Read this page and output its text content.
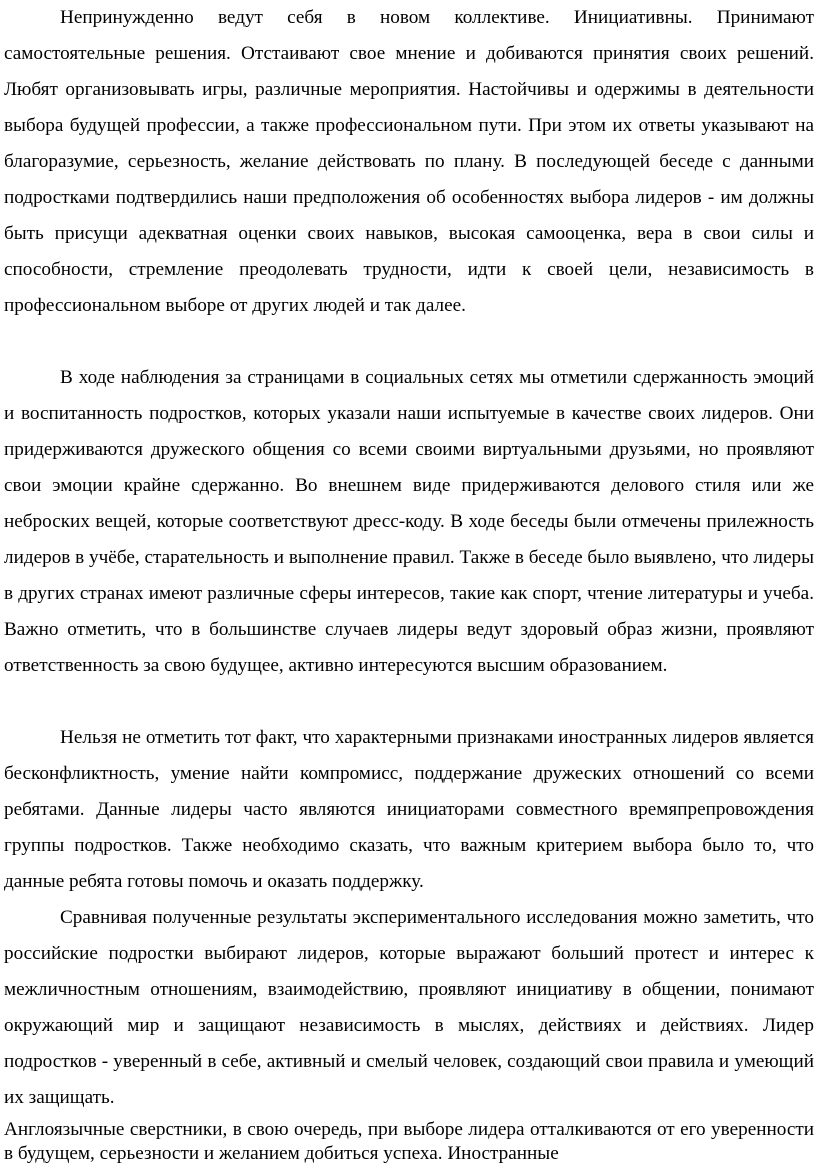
Непринужденно ведут себя в новом коллективе. Инициативны. Принимают самостоятельные решения. Отстаивают свое мнение и добиваются принятия своих решений. Любят организовывать игры, различные мероприятия. Настойчивы и одержимы в деятельности выбора будущей профессии, а также профессиональном пути. При этом их ответы указывают на благоразумие, серьезность, желание действовать по плану. В последующей беседе с данными подростками подтвердились наши предположения об особенностях выбора лидеров - им должны быть присущи адекватная оценки своих навыков, высокая самооценка, вера в свои силы и способности, стремление преодолевать трудности, идти к своей цели, независимость в профессиональном выборе от других людей и так далее.

В ходе наблюдения за страницами в социальных сетях мы отметили сдержанность эмоций и воспитанность подростков, которых указали наши испытуемые в качестве своих лидеров. Они придерживаются дружеского общения со всеми своими виртуальными друзьями, но проявляют свои эмоции крайне сдержанно. Во внешнем виде придерживаются делового стиля или же неброских вещей, которые соответствуют дресс-коду. В ходе беседы были отмечены прилежность лидеров в учёбе, старательность и выполнение правил. Также в беседе было выявлено, что лидеры в других странах имеют различные сферы интересов, такие как спорт, чтение литературы и учеба. Важно отметить, что в большинстве случаев лидеры ведут здоровый образ жизни, проявляют ответственность за свою будущее, активно интересуются высшим образованием.

Нельзя не отметить тот факт, что характерными признаками иностранных лидеров является бесконфликтность, умение найти компромисс, поддержание дружеских отношений со всеми ребятами. Данные лидеры часто являются инициаторами совместного времяпрепровождения группы подростков. Также необходимо сказать, что важным критерием выбора было то, что данные ребята готовы помочь и оказать поддержку.

Сравнивая полученные результаты экспериментального исследования можно заметить, что российские подростки выбирают лидеров, которые выражают больший протест и интерес к межличностным отношениям, взаимодействию, проявляют инициативу в общении, понимают окружающий мир и защищают независимость в мыслях, действиях и действиях. Лидер подростков - уверенный в себе, активный и смелый человек, создающий свои правила и умеющий их защищать.

Англоязычные сверстники, в свою очередь, при выборе лидера отталкиваются от его уверенности в будущем, серьезности и желанием добиться успеха. Иностранные
